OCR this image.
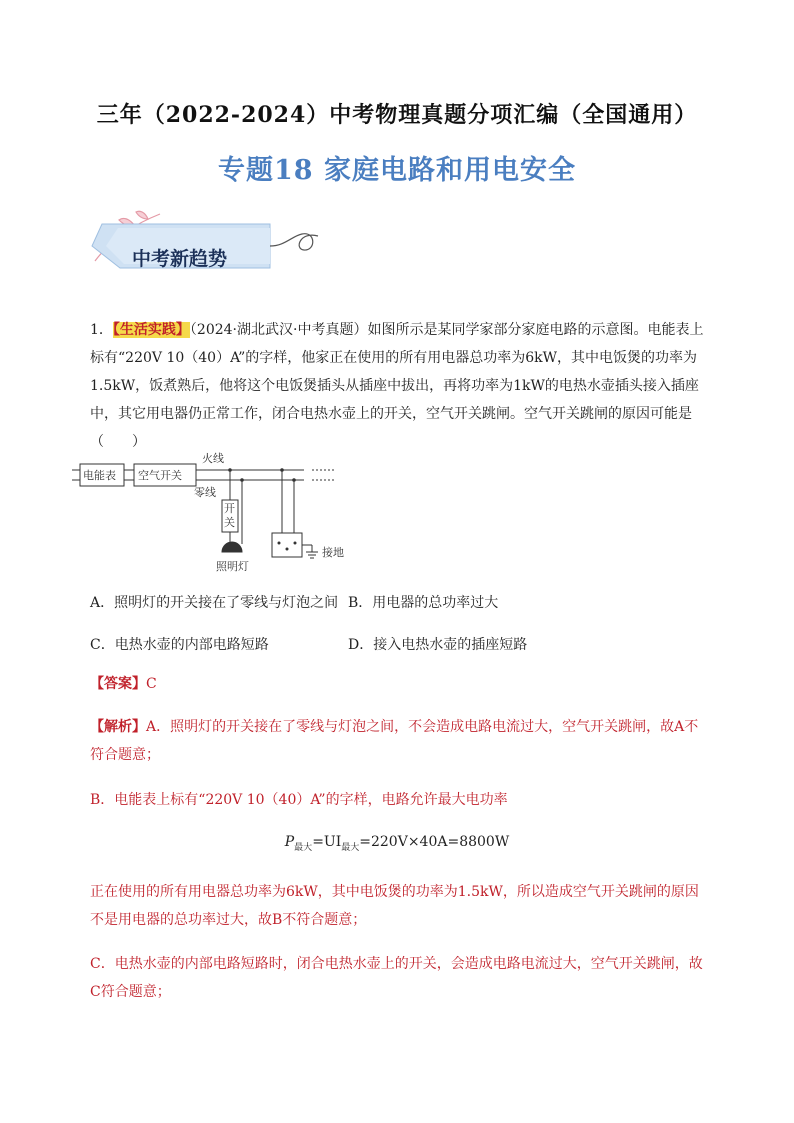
三年（2022-2024）中考物理真题分项汇编（全国通用）
专题18 家庭电路和用电安全
中考新趋势
1．【生活实践】（2024·湖北武汉·中考真题）如图所示是某同学家部分家庭电路的示意图。电能表上标有“220V 10（40）A”的字样，他家正在使用的所有用电器总功率为6kW，其中电饭煲的功率为1.5kW，饭煮熟后，他将这个电饭煲插头从插座中拔出，再将功率为1kW的电热水壶插头接入插座中，其它用电器仍正常工作，闭合电热水壶上的开关，空气开关跳闸。空气开关跳闸的原因可能是（　　）
电能表 空气开关
火线
零线
开
关
照明灯
接地
A．照明灯的开关接在了零线与灯泡之间 B．用电器的总功率过大
C．电热水壶的内部电路短路	D．接入电热水壶的插座短路
【答案】C
【解析】A．照明灯的开关接在了零线与灯泡之间，不会造成电路电流过大，空气开关跳闸，故A不符合题意；
B．电能表上标有“220V 10（40）A”的字样，电路允许最大电功率
$P_{最大}=UI_{最大}=220V\times 40A=8800W$
正在使用的所有用电器总功率为6kW，其中电饭煲的功率为1.5kW，所以造成空气开关跳闸的原因不是用电器的总功率过大，故B不符合题意；
C．电热水壶的内部电路短路时，闭合电热水壶上的开关，会造成电路电流过大，空气开关跳闸，故C符合题意；
